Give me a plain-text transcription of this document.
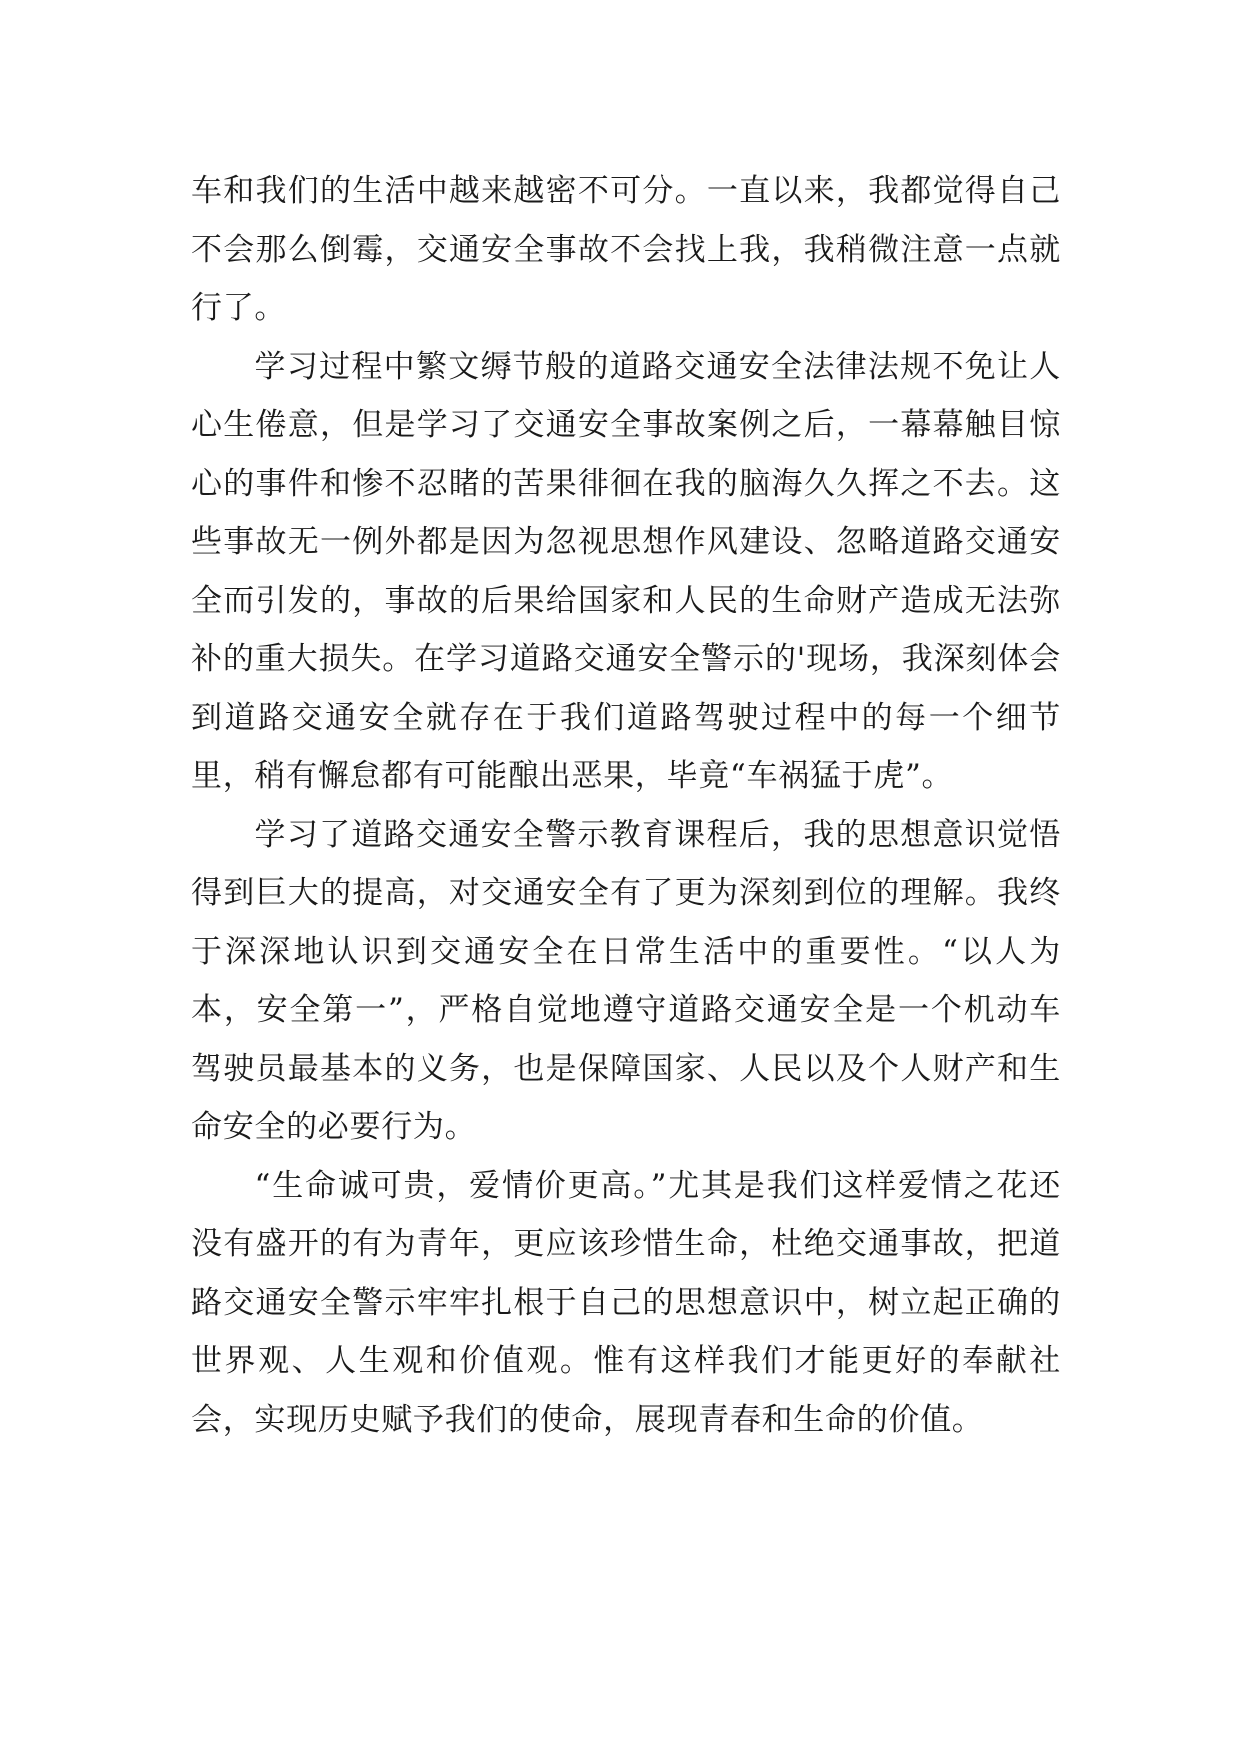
车和我们的生活中越来越密不可分。一直以来，我都觉得自己不会那么倒霉，交通安全事故不会找上我，我稍微注意一点就行了。

学习过程中繁文缛节般的道路交通安全法律法规不免让人心生倦意，但是学习了交通安全事故案例之后，一幕幕触目惊心的事件和惨不忍睹的苦果徘徊在我的脑海久久挥之不去。这些事故无一例外都是因为忽视思想作风建设、忽略道路交通安全而引发的，事故的后果给国家和人民的生命财产造成无法弥补的重大损失。在学习道路交通安全警示的'现场，我深刻体会到道路交通安全就存在于我们道路驾驶过程中的每一个细节里，稍有懈怠都有可能酿出恶果，毕竟“车祸猛于虎”。

学习了道路交通安全警示教育课程后，我的思想意识觉悟得到巨大的提高，对交通安全有了更为深刻到位的理解。我终于深深地认识到交通安全在日常生活中的重要性。“以人为本，安全第一”，严格自觉地遵守道路交通安全是一个机动车驾驶员最基本的义务，也是保障国家、人民以及个人财产和生命安全的必要行为。

“生命诚可贵，爱情价更高。”尤其是我们这样爱情之花还没有盛开的有为青年，更应该珍惜生命，杜绝交通事故，把道路交通安全警示牢牢扎根于自己的思想意识中，树立起正确的世界观、人生观和价值观。惟有这样我们才能更好的奉献社会，实现历史赋予我们的使命，展现青春和生命的价值。
